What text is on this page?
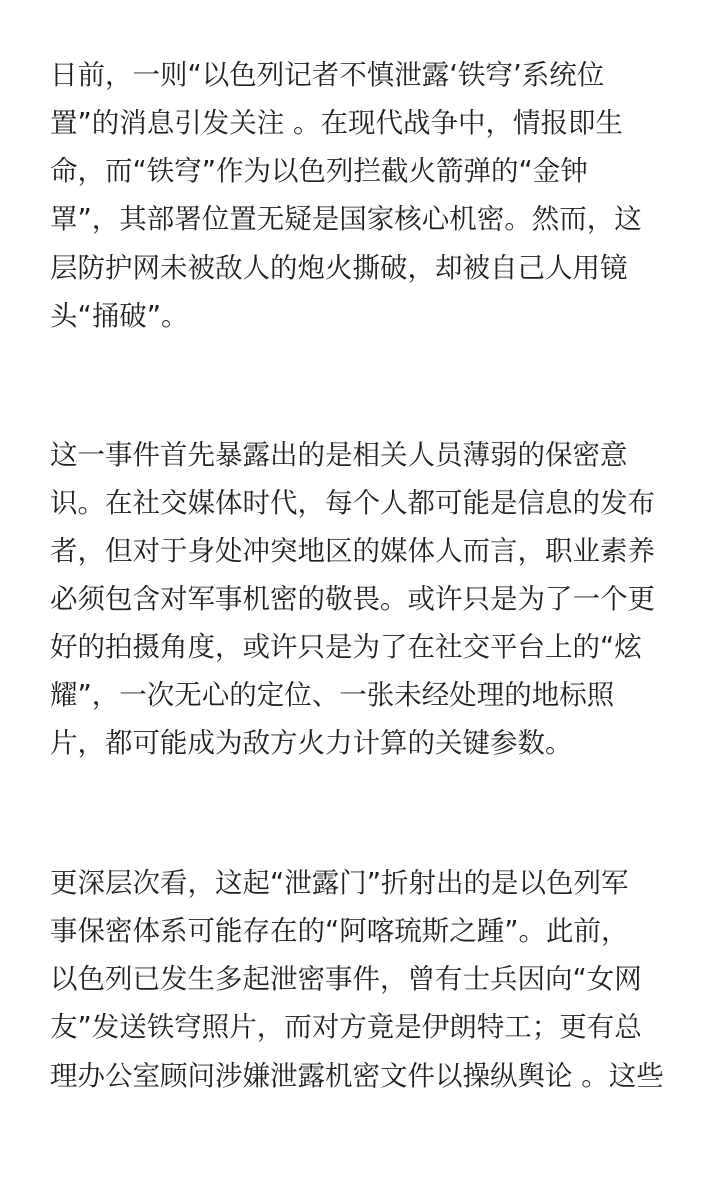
日前，一则“以色列记者不慎泄露‘铁穹’系统位

置”的消息引发关注 。在现代战争中，情报即生

命，而“铁穹”作为以色列拦截火箭弹的“金钟

罩”，其部署位置无疑是国家核心机密。然而，这

层防护网未被敌人的炮火撕破，却被自己人用镜

头“捅破”。

这一事件首先暴露出的是相关人员薄弱的保密意

识。在社交媒体时代，每个人都可能是信息的发布

者，但对于身处冲突地区的媒体人而言，职业素养

必须包含对军事机密的敬畏。或许只是为了一个更

好的拍摄角度，或许只是为了在社交平台上的“炫

耀”，一次无心的定位、一张未经处理的地标照

片，都可能成为敌方火力计算的关键参数。

更深层次看，这起“泄露门”折射出的是以色列军

事保密体系可能存在的“阿喀琉斯之踵”。此前，

以色列已发生多起泄密事件，曾有士兵因向“女网

友”发送铁穹照片，而对方竟是伊朗特工；更有总

理办公室顾问涉嫌泄露机密文件以操纵舆论 。这些
